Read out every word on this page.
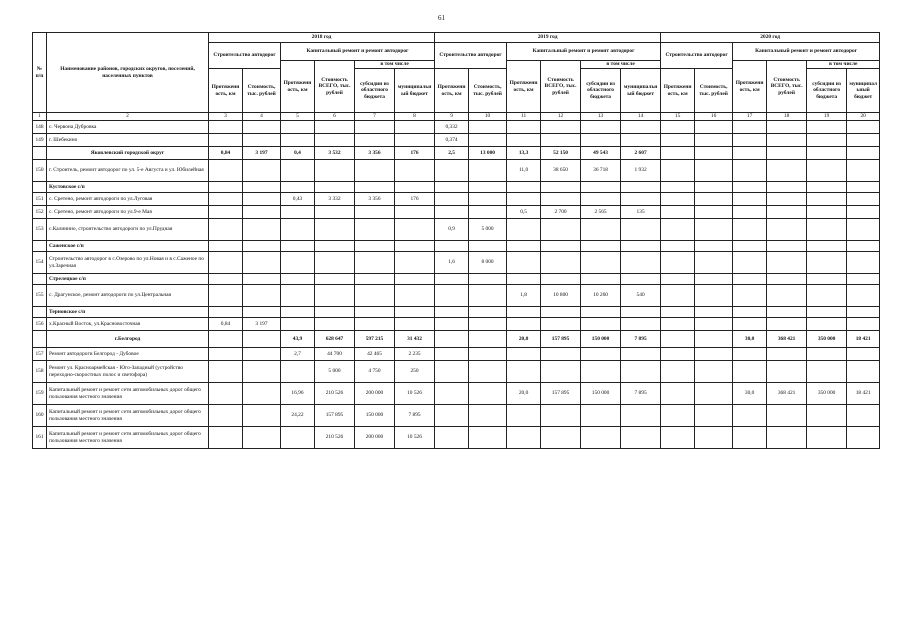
61
№ п/п	Наименование районов, городских округов, поселений, населенных пунктов	2018 год						2019 год						2020 год					
		Строительство автодорог		Капитальный ремонт и ремонт автодорог				Строительство автодорог		Капитальный ремонт и ремонт автодорог				Строительство автодорог		Капитальный ремонт и ремонт автодорог			
				Протяженность, км	Стоимость ВСЕГО, тыс. рублей	в том числе				Протяженность, км	Стоимость ВСЕГО, тыс. рублей	в том числе				Протяженность, км	Стоимость ВСЕГО, тыс. рублей	в том числе	
		Протяженность, км	Стоимость, тыс. рублей			субсидии из областного бюджета	муниципальный бюджет	Протяженность, км	Стоимость, тыс. рублей			субсидии из областного бюджета	муниципальный бюджет	Протяженность, км	Стоимость, тыс. рублей			субсидии из областного бюджета	муниципальный бюджет
1	2	3	4	5	6	7	8	9	10	11	12	13	14	15	16	17	18	19	20
148	с. Червона Дубровка							0,332											
149	г. Шебекино							0,374											
	Яковлевский городской округ	0,84	3 197	0,4	3 532	3 356	176	2,5	13 000	13,3	52 150	49 543	2 607						
150	г. Строитель, ремонт автодорог по ул. 5-е Августа и ул. Юбилейная									11,0	38 650	36 718	1 932						
	Кустовское с/п																		
151	с. Сретено, ремонт автодороги по ул.Луговая			0,43	3 332	3 356	176												
152	с. Сретено, ремонт автодороги по ул.9-е Мая									0,5	2 700	2 565	135						
153	с.Калинино, строительство автодороги по ул.Прудная							0,9	5 000										
	Саженское с/п																		
154	Строительство автодорог в с.Озерово по ул.Новая и в с.Саженое по ул.Заречная							1,6	8 000										
	Стрелецкое с/п																		
155	с. Драгунское, ремонт автодороги по ул.Центральная									1,8	10 800	10 260	540						
	Терновское с/п																		
156	х.Красный Восток, ул.Красновосточная	0,84	3 197																
	г.Белгород			43,9	628 647	597 215	31 432			20,0	157 895	150 000	7 895			30,0	368 421	350 000	18 421
157	Ремонт автодороги Белгород - Дубовое			2,7	44 700	42 465	2 235												
158	Ремонт ул. Красноармейская - Юго-Западный (устройство переходно-скоростных полос и светофора)				5 000	4 750	250												
159	Капитальный ремонт и ремонт сети автомобильных дорог общего пользования местного значения			16,96	210 526	200 000	10 526			20,0	157 895	150 000	7 895			30,0	368 421	350 000	18 421
160	Капитальный ремонт и ремонт сети автомобильных дорог общего пользования местного значения			24,22	157 895	150 000	7 895												
161	Капитальный ремонт и ремонт сети автомобильных дорог общего пользования местного значения				210 526	200 000	10 526												
